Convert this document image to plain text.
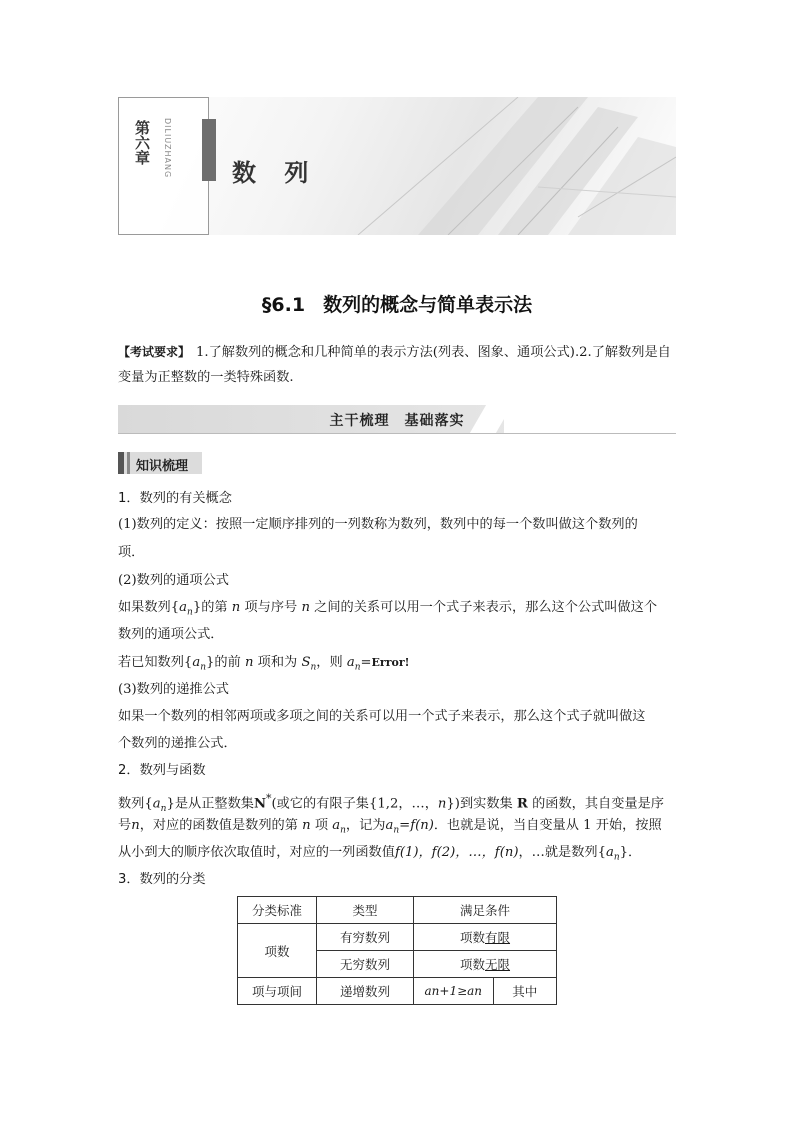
第六章 DILIUZHANG	数 列
§6.1 数列的概念与简单表示法
【考试要求】 1.了解数列的概念和几种简单的表示方法(列表、图象、通项公式).2.了解数列是自变量为正整数的一类特殊函数.
主干梳理　基础落实
知识梳理
1．数列的有关概念
(1)数列的定义：按照一定顺序排列的一列数称为数列，数列中的每一个数叫做这个数列的
项．
(2)数列的通项公式
如果数列$\{a_n\}$的第 n 项与序号 n 之间的关系可以用一个式子来表示，那么这个公式叫做这个
数列的通项公式．
若已知数列$\{a_n\}$的前 n 项和为 $S_n$，则 $a_n=Error$!
(3)数列的递推公式
如果一个数列的相邻两项或多项之间的关系可以用一个式子来表示，那么这个式子就叫做这
个数列的递推公式．
2．数列与函数
数列$\{a_n\}$是从正整数集N*(或它的有限子集{1,2，…，n})到实数集 R 的函数，其自变量是序
号n，对应的函数值是数列的第 n 项 $a_n$，记为$a_n=f(n)$．也就是说，当自变量从 1 开始，按照
从小到大的顺序依次取值时，对应的一列函数值f(1)，f(2)，…，f(n)，…就是数列$\{a_n\}$．
3．数列的分类
分类标准	类型	满足条件	
项数	有穷数列	项数有限	
	无穷数列	项数无限	
项与项间	递增数列	an+1≥an	其中
